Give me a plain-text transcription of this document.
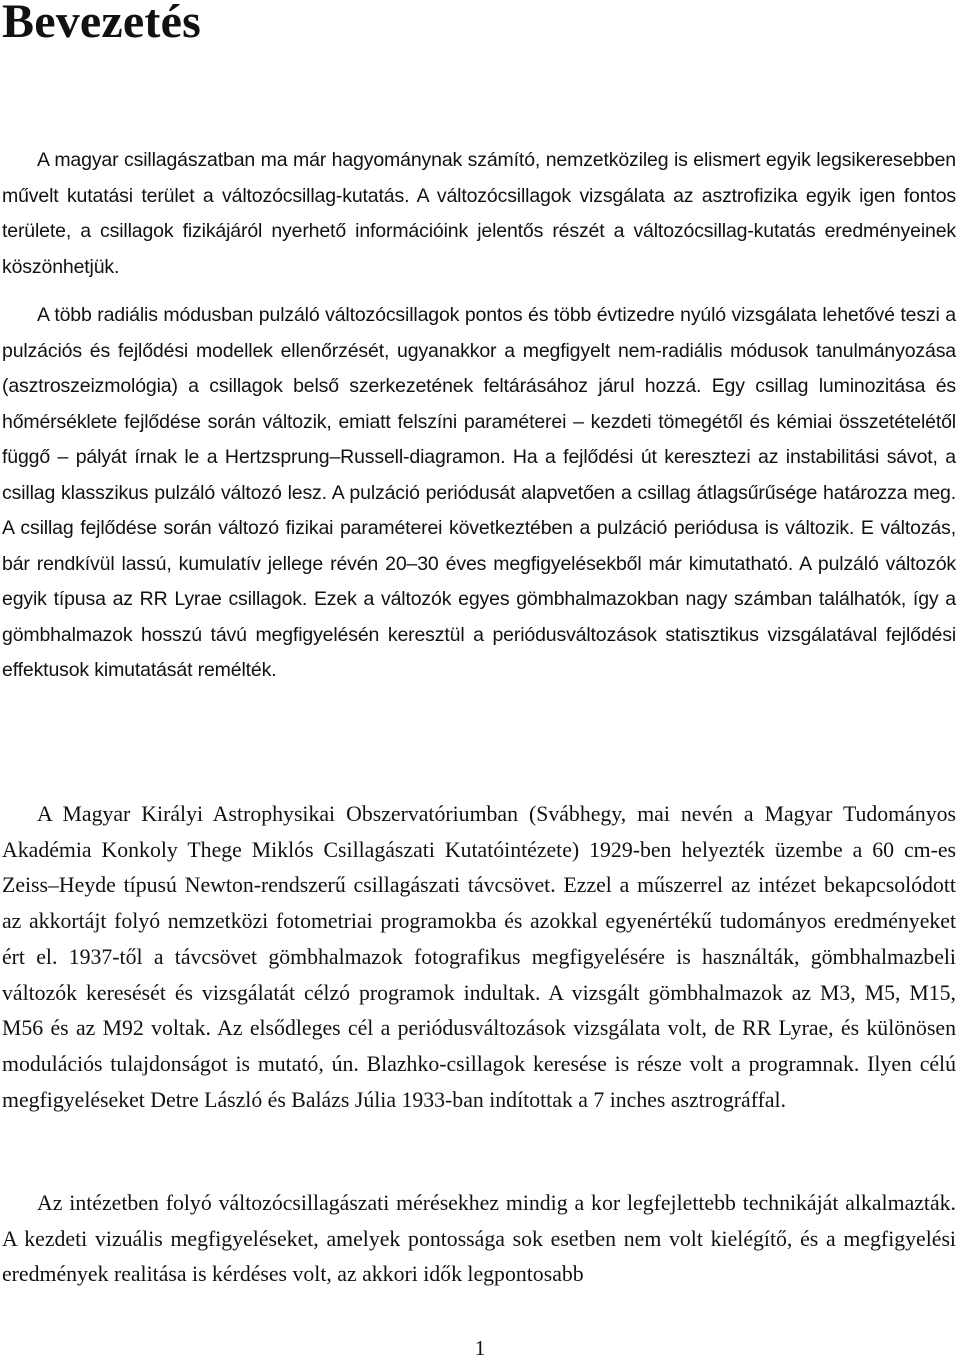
Bevezetés

A magyar csillagászatban ma már hagyománynak számító, nemzetközileg is elismert egyik legsikeresebben művelt kutatási terület a változócsillag-kutatás. A változócsillagok vizsgálata az asztrofizika egyik igen fontos területe, a csillagok fizikájáról nyerhető információink jelentős részét a változócsillag-kutatás eredményeinek köszönhetjük.

A több radiális módusban pulzáló változócsillagok pontos és több évtizedre nyúló vizsgálata lehetővé teszi a pulzációs és fejlődési modellek ellenőrzését, ugyanakkor a megfigyelt nem-radiális módusok tanulmányozása (asztroszeizmológia) a csillagok belső szerkezetének feltárásához járul hozzá. Egy csillag luminozitása és hőmérséklete fejlődése során változik, emiatt felszíni paraméterei – kezdeti tömegétől és kémiai összetételétől függő – pályát írnak le a Hertzsprung–Russell-diagramon. Ha a fejlődési út keresztezi az instabilitási sávot, a csillag klasszikus pulzáló változó lesz. A pulzáció periódusát alapvetően a csillag átlagsűrűsége határozza meg. A csillag fejlődése során változó fizikai paraméterei következtében a pulzáció periódusa is változik. E változás, bár rendkívül lassú, kumulatív jellege révén 20–30 éves megfigyelésekből már kimutatható. A pulzáló változók egyik típusa az RR Lyrae csillagok. Ezek a változók egyes gömbhalmazokban nagy számban találhatók, így a gömbhalmazok hosszú távú megfigyelésén keresztül a periódusváltozások statisztikus vizsgálatával fejlődési effektusok kimutatását remélték.

A Magyar Királyi Astrophysikai Obszervatóriumban (Svábhegy, mai nevén a Magyar Tudományos Akadémia Konkoly Thege Miklós Csillagászati Kutatóintézete) 1929-ben helyezték üzembe a 60 cm-es Zeiss–Heyde típusú Newton-rendszerű csillagászati távcsövet. Ezzel a műszerrel az intézet bekapcsolódott az akkortájt folyó nemzetközi fotometriai programokba és azokkal egyenértékű tudományos eredményeket ért el. 1937-től a távcsövet gömbhalmazok fotografikus megfigyelésére is használták, gömbhalmazbeli változók keresését és vizsgálatát célzó programok indultak. A vizsgált gömbhalmazok az M3, M5, M15, M56 és az M92 voltak. Az elsődleges cél a periódusváltozások vizsgálata volt, de RR Lyrae, és különösen modulációs tulajdonságot is mutató, ún. Blazhko-csillagok keresése is része volt a programnak. Ilyen célú megfigyeléseket Detre László és Balázs Júlia 1933-ban indítottak a 7 inches asztrográffal.

Az intézetben folyó változócsillagászati mérésekhez mindig a kor legfejlettebb technikáját alkalmazták. A kezdeti vizuális megfigyeléseket, amelyek pontossága sok esetben nem volt kielégítő, és a megfigyelési eredmények realitása is kérdéses volt, az akkori idők legpontosabb

1
